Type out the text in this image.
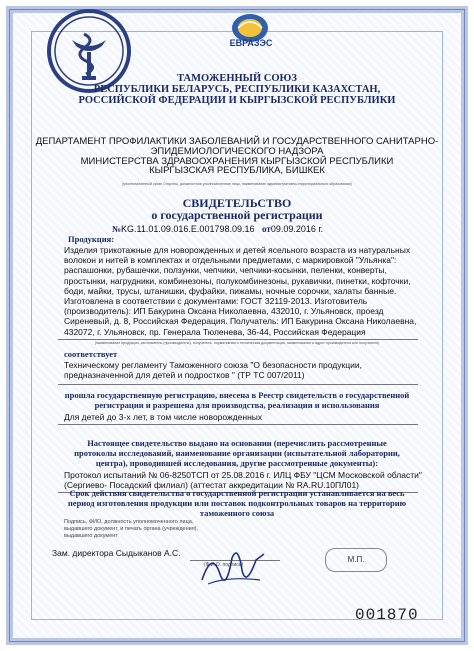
ЕВРАЗЭС
ТАМОЖЕННЫЙ СОЮЗ
РЕСПУБЛИКИ БЕЛАРУСЬ, РЕСПУБЛИКИ КАЗАХСТАН,
РОССИЙСКОЙ ФЕДЕРАЦИИ И КЫРГЫЗСКОЙ РЕСПУБЛИКИ
ДЕПАРТАМЕНТ ПРОФИЛАКТИКИ ЗАБОЛЕВАНИЙ И ГОСУДАРСТВЕННОГО САНИТАРНО-
ЭПИДЕМИОЛОГИЧЕСКОГО НАДЗОРА
МИНИСТЕРСТВА ЗДРАВООХРАНЕНИЯ КЫРГЫЗСКОЙ РЕСПУБЛИКИ
КЫРГЫЗСКАЯ РЕСПУБЛИКА, БИШКЕК
(уполномоченный орган Стороны, должностное уполномоченное лицо, наименование административно-территориального образования)
СВИДЕТЕЛЬСТВО
о государственной регистрации
№KG.11.01.09.016.Е.001798.09.16 от09.09.2016 г.
Продукция:
Изделия трикотажные для новорожденных и детей ясельного возраста из натуральных
волокон и нитей в комплектах и отдельными предметами, с маркировкой "Ульянка":
распашонки, рубашечки, ползунки, чепчики, чепчики-косынки, пеленки, конверты,
простынки, нагрудники, комбинезоны, полукомбинезоны, рукавички, пинетки, кофточки,
боди, майки, трусы, штанишки, фуфайки, пижамы, ночные сорочки, халаты банные.
Изготовлена в соответствии с документами: ГОСТ 32119-2013. Изготовитель
(производитель): ИП Бакурина Оксана Николаевна, 432010, г. Ульяновск, проезд
Сиреневый, д. 8, Российская Федерация. Получатель: ИП Бакурина Оксана Николаевна,
432072, г. Ульяновск, пр. Генерала Тюленева, 36-44, Российская Федерация
(наименование продукции, изготовитель (производитель), получатель, нормативная и техническая документация, наименование и адрес производителя или получателя)
соответствует
Техническому регламенту Таможенного союза "О безопасности продукции,
предназначенной для детей и подростков " (ТР ТС 007/2011)
прошла государственную регистрацию, внесена в Реестр свидетельств о государственной
регистрации и разрешена для производства, реализации и использования
Для детей до 3-х лет, в том числе новорожденных
Настоящее свидетельство выдано на основании (перечислить рассмотренные
протоколы исследований, наименование организации (испытательной лаборатории,
центра), проводившей исследования, другие рассмотренные документы):
Протокол испытаний № 06-8250ТСП от 25.08.2016 г. ИЛЦ ФБУ "ЦСМ Московской области"
(Сергиево- Посадский филиал) (аттестат аккредитации № RA.RU.10ПЛ01)
Срок действия свидетельства о государственной регистрации устанавливается на весь
период изготовления продукции или поставок подконтрольных товаров на территорию
таможенного союза
Подпись, ФИО, должность уполномоченного лица,
выдавшего документ, и печать органа (учреждения),
выдавшего документ
Зам. директора Сыдыканов А.С.
(Ф.И.О. подпись)
М.П.
001870
